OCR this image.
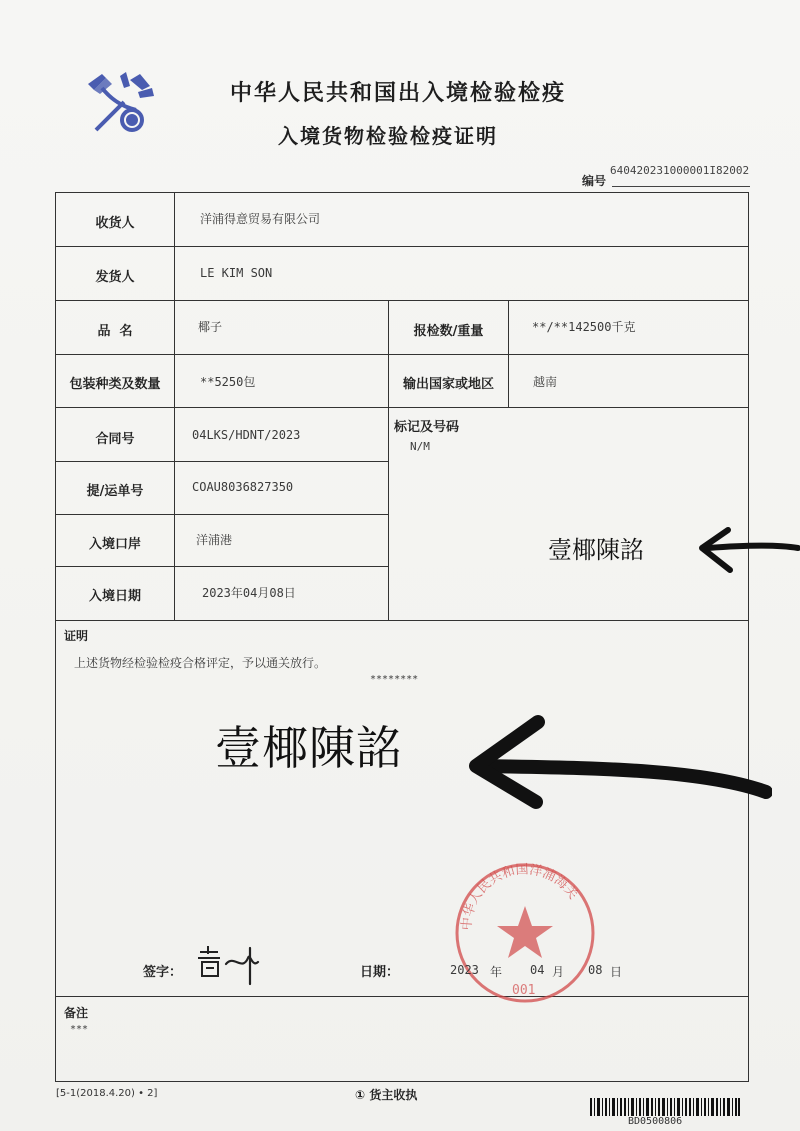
中华人民共和国出入境检验检疫
入境货物检验检疫证明
640420231000001I82002
编号
收货人	洋浦得意贸易有限公司
发货人	LE KIM SON
品  名	椰子	报检数/重量	**/**142500千克
包装种类及数量	**5250包	输出国家或地区	越南
合同号	04LKS/HDNT/2023	标记及号码
N/M
提/运单号	COAU8036827350
入境口岸	洋浦港
入境日期	2023年04月08日
证明
上述货物经检验检疫合格评定，予以通关放行。
********
壹椰陳詺
壹椰陳詺
中华人民共和国洋浦海关
001
签字：	日期：	2023 年 04 月 08 日
备注
***
[5-1(2018.4.20) • 2]	① 货主收执
BD0500806
